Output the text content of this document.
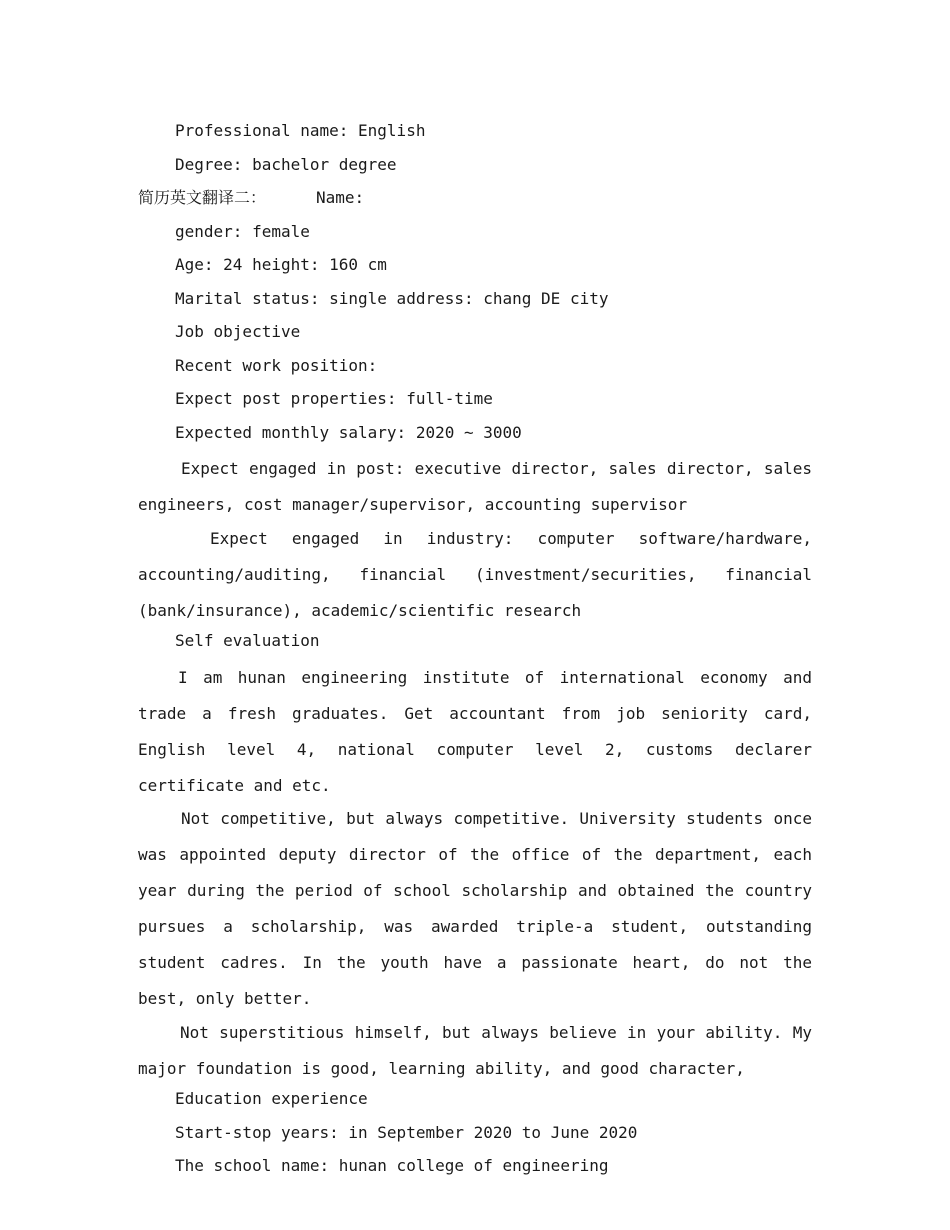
Professional name: English
Degree: bachelor degree
简历英文翻译二：	Name:
gender: female
Age: 24 height: 160 cm
Marital status: single address: chang DE city
Job objective
Recent work position:
Expect post properties: full-time
Expected monthly salary: 2020 ~ 3000
Expect engaged in post: executive director, sales director, sales engineers, cost manager/supervisor, accounting supervisor
Expect engaged in industry: computer software/hardware, accounting/auditing, financial (investment/securities, financial (bank/insurance), academic/scientific research
Self evaluation
I am hunan engineering institute of international economy and trade a fresh graduates. Get accountant from job seniority card, English level 4, national computer level 2, customs declarer certificate and etc.
Not competitive, but always competitive. University students once was appointed deputy director of the office of the department, each year during the period of school scholarship and obtained the country pursues a scholarship, was awarded triple-a student, outstanding student cadres. In the youth have a passionate heart, do not the best, only better.
Not superstitious himself, but always believe in your ability. My major foundation is good, learning ability, and good character,
Education experience
Start-stop years: in September 2020 to June 2020
The school name: hunan college of engineering
